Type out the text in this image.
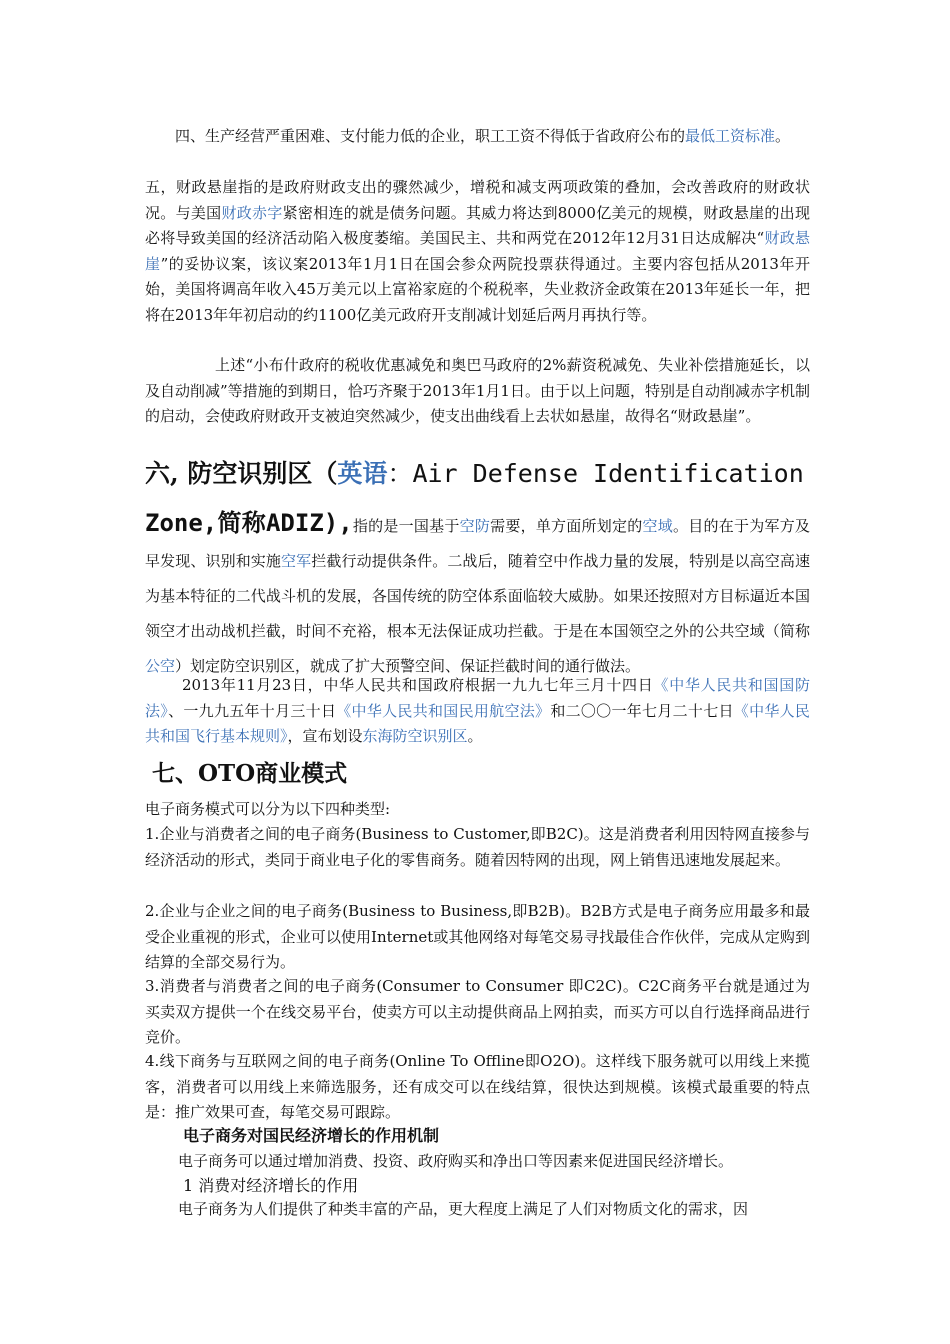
四、生产经营严重困难、支付能力低的企业，职工工资不得低于省政府公布的最低工资标准。

五，财政悬崖指的是政府财政支出的骤然减少，增税和减支两项政策的叠加，会改善政府的财政状况。与美国财政赤字紧密相连的就是债务问题。其威力将达到8000亿美元的规模，财政悬崖的出现必将导致美国的经济活动陷入极度萎缩。美国民主、共和两党在2012年12月31日达成解决“财政悬崖”的妥协议案，该议案2013年1月1日在国会参众两院投票获得通过。主要内容包括从2013年开始，美国将调高年收入45万美元以上富裕家庭的个税税率，失业救济金政策在2013年延长一年，把将在2013年年初启动的约1100亿美元政府开支削减计划延后两月再执行等。

上述“小布什政府的税收优惠减免和奥巴马政府的2%薪资税减免、失业补偿措施延长，以及自动削减”等措施的到期日，恰巧齐聚于2013年1月1日。由于以上问题，特别是自动削减赤字机制的启动，会使政府财政开支被迫突然减少，使支出曲线看上去状如悬崖，故得名“财政悬崖”。

六, 防空识别区（英语：Air Defense Identification

Zone,简称ADIZ),指的是一国基于空防需要，单方面所划定的空域。目的在于为军方及早发现、识别和实施空军拦截行动提供条件。二战后，随着空中作战力量的发展，特别是以高空高速为基本特征的二代战斗机的发展，各国传统的防空体系面临较大威胁。如果还按照对方目标逼近本国领空才出动战机拦截，时间不充裕，根本无法保证成功拦截。于是在本国领空之外的公共空域（简称公空）划定防空识别区，就成了扩大预警空间、保证拦截时间的通行做法。

2013年11月23日，中华人民共和国政府根据一九九七年三月十四日《中华人民共和国国防法》、一九九五年十月三十日《中华人民共和国民用航空法》和二〇〇一年七月二十七日《中华人民共和国飞行基本规则》，宣布划设东海防空识别区。

七、OTO商业模式

电子商务模式可以分为以下四种类型:

1.企业与消费者之间的电子商务(Business to Customer,即B2C)。这是消费者利用因特网直接参与经济活动的形式，类同于商业电子化的零售商务。随着因特网的出现，网上销售迅速地发展起来。

2.企业与企业之间的电子商务(Business to Business,即B2B)。B2B方式是电子商务应用最多和最受企业重视的形式，企业可以使用Internet或其他网络对每笔交易寻找最佳合作伙伴，完成从定购到结算的全部交易行为。

3.消费者与消费者之间的电子商务(Consumer to Consumer 即C2C)。C2C商务平台就是通过为买卖双方提供一个在线交易平台，使卖方可以主动提供商品上网拍卖，而买方可以自行选择商品进行竞价。

4.线下商务与互联网之间的电子商务(Online To Offline即O2O)。这样线下服务就可以用线上来揽客，消费者可以用线上来筛选服务，还有成交可以在线结算，很快达到规模。该模式最重要的特点是：推广效果可查，每笔交易可跟踪。

电子商务对国民经济增长的作用机制

电子商务可以通过增加消费、投资、政府购买和净出口等因素来促进国民经济增长。

1 消费对经济增长的作用

电子商务为人们提供了种类丰富的产品，更大程度上满足了人们对物质文化的需求，因
